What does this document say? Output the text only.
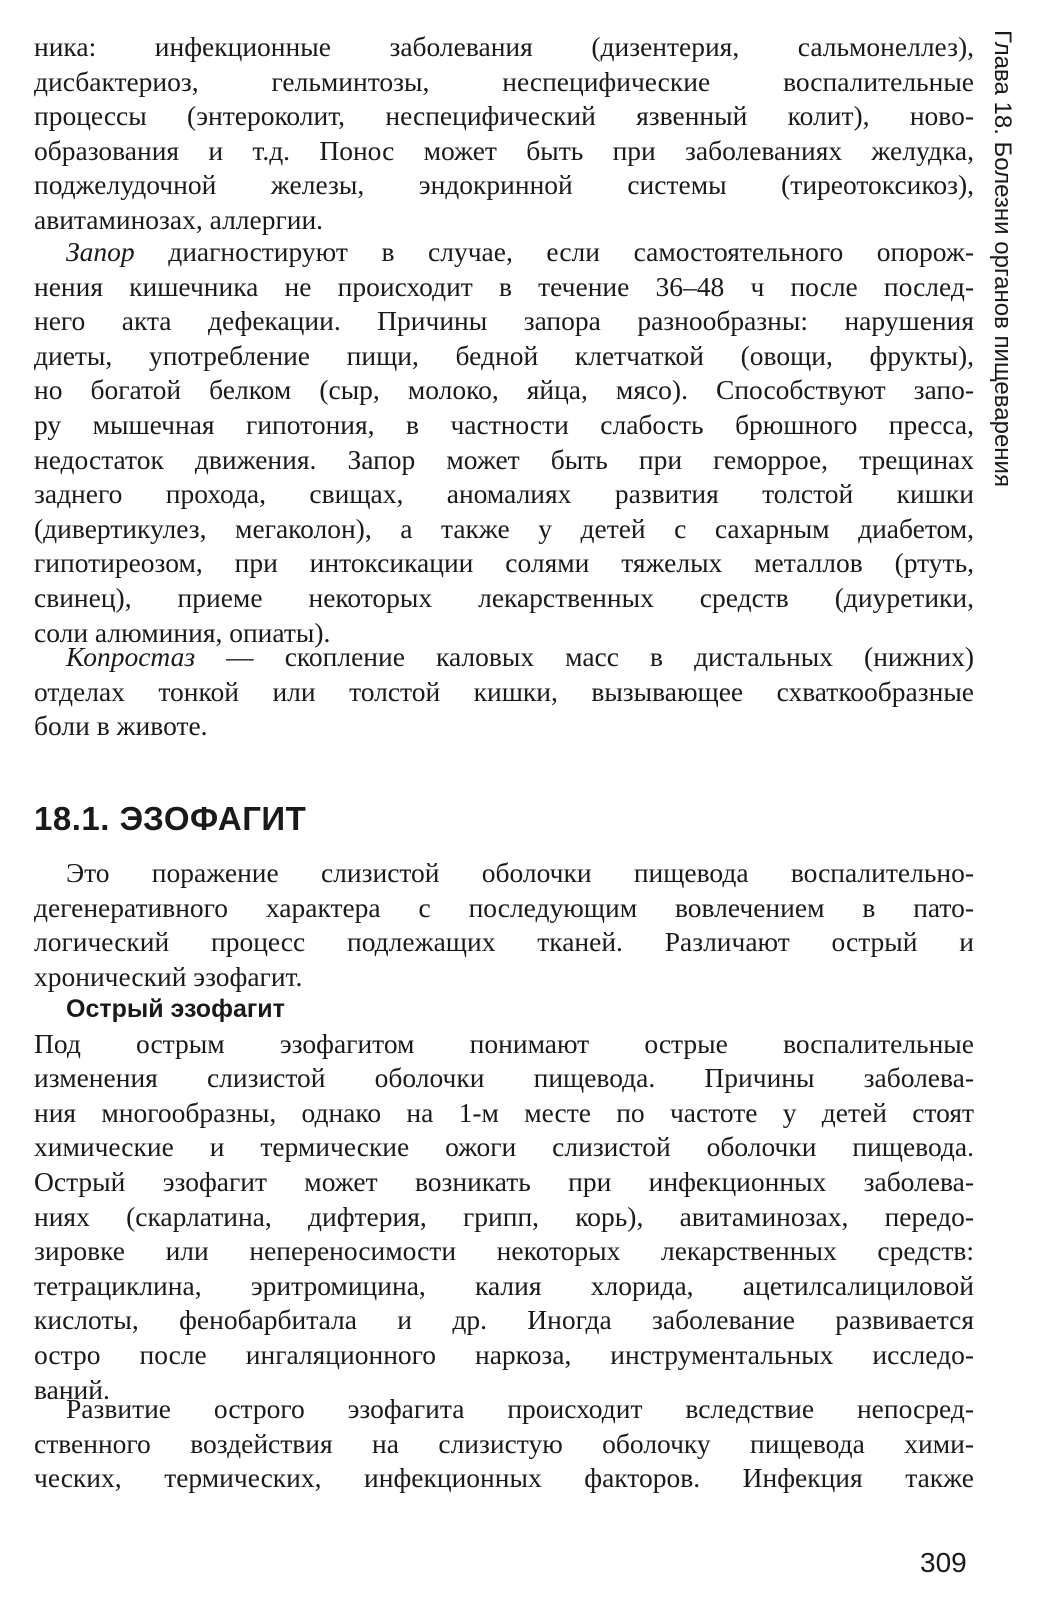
Глава 18. Болезни органов пищеварения
ника: инфекционные заболевания (дизентерия, сальмонеллез),
дисбактериоз, гельминтозы, неспецифические воспалительные
процессы (энтероколит, неспецифический язвенный колит), ново-
образования и т.д. Понос может быть при заболеваниях желудка,
поджелудочной железы, эндокринной системы (тиреотоксикоз),
авитаминозах, аллергии.
Запор диагностируют в случае, если самостоятельного опорож-
нения кишечника не происходит в течение 36–48 ч после послед-
него акта дефекации. Причины запора разнообразны: нарушения
диеты, употребление пищи, бедной клетчаткой (овощи, фрукты),
но богатой белком (сыр, молоко, яйца, мясо). Способствуют запо-
ру мышечная гипотония, в частности слабость брюшного пресса,
недостаток движения. Запор может быть при геморрое, трещинах
заднего прохода, свищах, аномалиях развития толстой кишки
(дивертикулез, мегаколон), а также у детей с сахарным диабетом,
гипотиреозом, при интоксикации солями тяжелых металлов (ртуть,
свинец), приеме некоторых лекарственных средств (диуретики,
соли алюминия, опиаты).
Копростаз — скопление каловых масс в дистальных (нижних)
отделах тонкой или толстой кишки, вызывающее схваткообразные
боли в животе.
18.1. ЭЗОФАГИТ
Это поражение слизистой оболочки пищевода воспалительно-
дегенеративного характера с последующим вовлечением в пато-
логический процесс подлежащих тканей. Различают острый и
хронический эзофагит.
Острый эзофагит
Под острым эзофагитом понимают острые воспалительные
изменения слизистой оболочки пищевода. Причины заболева-
ния многообразны, однако на 1-м месте по частоте у детей стоят
химические и термические ожоги слизистой оболочки пищевода.
Острый эзофагит может возникать при инфекционных заболева-
ниях (скарлатина, дифтерия, грипп, корь), авитаминозах, передо-
зировке или непереносимости некоторых лекарственных средств:
тетрациклина, эритромицина, калия хлорида, ацетилсалициловой
кислоты, фенобарбитала и др. Иногда заболевание развивается
остро после ингаляционного наркоза, инструментальных исследо-
ваний.
Развитие острого эзофагита происходит вследствие непосред-
ственного воздействия на слизистую оболочку пищевода хими-
ческих, термических, инфекционных факторов. Инфекция также
309
